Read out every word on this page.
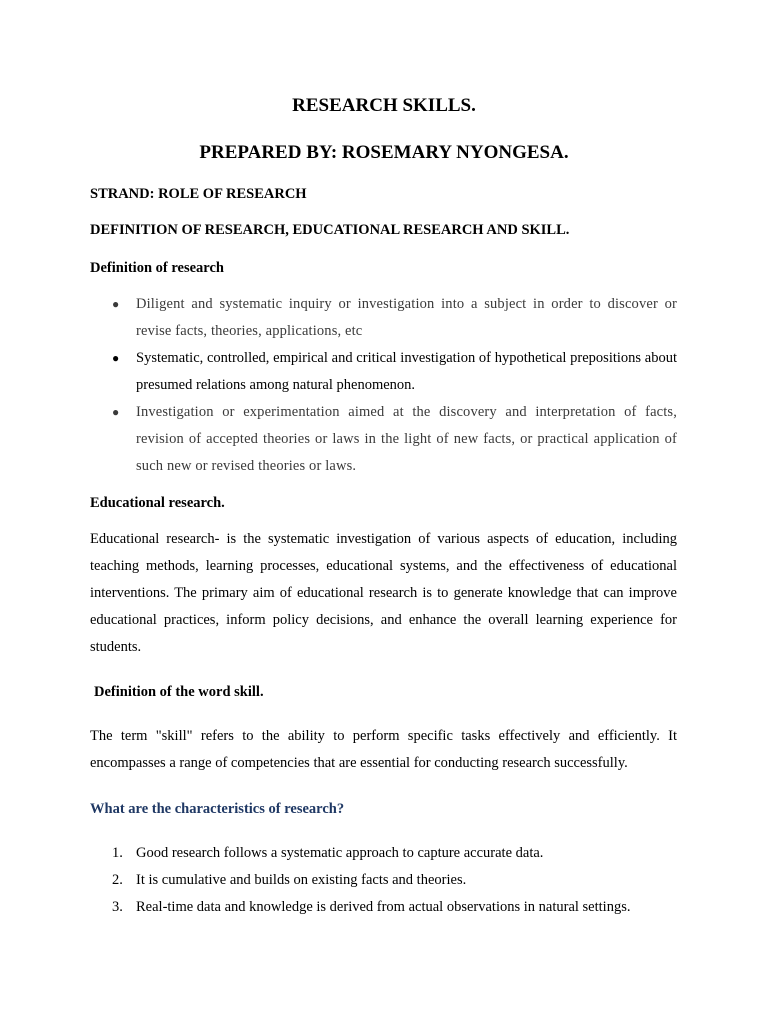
RESEARCH SKILLS.
PREPARED BY: ROSEMARY NYONGESA.
STRAND: ROLE OF RESEARCH
DEFINITION OF RESEARCH, EDUCATIONAL RESEARCH AND SKILL.
Definition of research
● Diligent and systematic inquiry or investigation into a subject in order to discover or revise facts, theories, applications, etc
● Systematic, controlled, empirical and critical investigation of hypothetical prepositions about presumed relations among natural phenomenon.
● Investigation or experimentation aimed at the discovery and interpretation of facts, revision of accepted theories or laws in the light of new facts, or practical application of such new or revised theories or laws.
Educational research.
Educational research- is the systematic investigation of various aspects of education, including teaching methods, learning processes, educational systems, and the effectiveness of educational interventions. The primary aim of educational research is to generate knowledge that can improve educational practices, inform policy decisions, and enhance the overall learning experience for students.
Definition of the word skill.
The term "skill" refers to the ability to perform specific tasks effectively and efficiently. It encompasses a range of competencies that are essential for conducting research successfully.
What are the characteristics of research?
1. Good research follows a systematic approach to capture accurate data.
2. It is cumulative and builds on existing facts and theories.
3. Real-time data and knowledge is derived from actual observations in natural settings.
